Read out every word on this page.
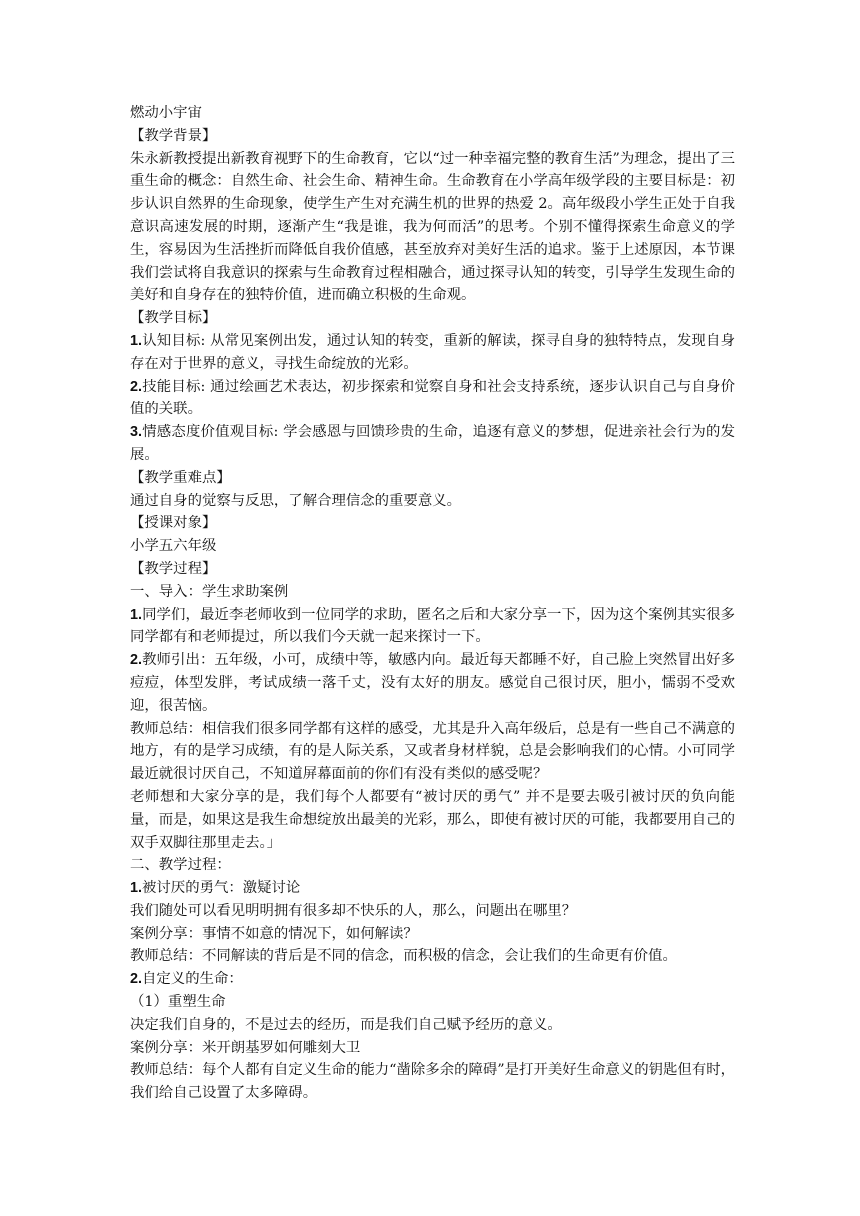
燃动小宇宙

【教学背景】

朱永新教授提出新教育视野下的生命教育，它以“过一种幸福完整的教育生活”为理念，提出了三重生命的概念：自然生命、社会生命、精神生命。生命教育在小学高年级学段的主要目标是：初步认识自然界的生命现象，使学生产生对充满生机的世界的热爱 2。高年级段小学生正处于自我意识高速发展的时期，逐渐产生“我是谁，我为何而活”的思考。个别不懂得探索生命意义的学生，容易因为生活挫折而降低自我价值感，甚至放弃对美好生活的追求。鉴于上述原因，本节课我们尝试将自我意识的探索与生命教育过程相融合，通过探寻认知的转变，引导学生发现生命的美好和自身存在的独特价值，进而确立积极的生命观。

【教学目标】

1.认知目标: 从常见案例出发，通过认知的转变，重新的解读，探寻自身的独特特点，发现自身存在对于世界的意义，寻找生命绽放的光彩。

2.技能目标: 通过绘画艺术表达，初步探索和觉察自身和社会支持系统，逐步认识自己与自身价值的关联。

3.情感态度价值观目标: 学会感恩与回馈珍贵的生命，追逐有意义的梦想，促进亲社会行为的发展。

【教学重难点】

通过自身的觉察与反思，了解合理信念的重要意义。

【授课对象】

小学五六年级

【教学过程】

一、导入：学生求助案例

1.同学们，最近李老师收到一位同学的求助，匿名之后和大家分享一下，因为这个案例其实很多同学都有和老师提过，所以我们今天就一起来探讨一下。

2.教师引出：五年级，小可，成绩中等，敏感内向。最近每天都睡不好，自己脸上突然冒出好多痘痘，体型发胖，考试成绩一落千丈，没有太好的朋友。感觉自己很讨厌，胆小，懦弱不受欢迎，很苦恼。

教师总结：相信我们很多同学都有这样的感受，尤其是升入高年级后，总是有一些自己不满意的地方，有的是学习成绩，有的是人际关系，又或者身材样貌，总是会影响我们的心情。小可同学最近就很讨厌自己，不知道屏幕面前的你们有没有类似的感受呢？

老师想和大家分享的是，我们每个人都要有“被讨厌的勇气” 并不是要去吸引被讨厌的负向能量，而是，如果这是我生命想绽放出最美的光彩，那么，即使有被讨厌的可能，我都要用自己的双手双脚往那里走去。」

二、教学过程：

1.被讨厌的勇气：激疑讨论

我们随处可以看见明明拥有很多却不快乐的人，那么，问题出在哪里？

案例分享：事情不如意的情况下，如何解读？

教师总结：不同解读的背后是不同的信念，而积极的信念，会让我们的生命更有价值。

2.自定义的生命：

（1）重塑生命

决定我们自身的，不是过去的经历，而是我们自己赋予经历的意义。

案例分享：米开朗基罗如何雕刻大卫

教师总结：每个人都有自定义生命的能力“凿除多余的障碍”是打开美好生命意义的钥匙但有时，我们给自己设置了太多障碍。
